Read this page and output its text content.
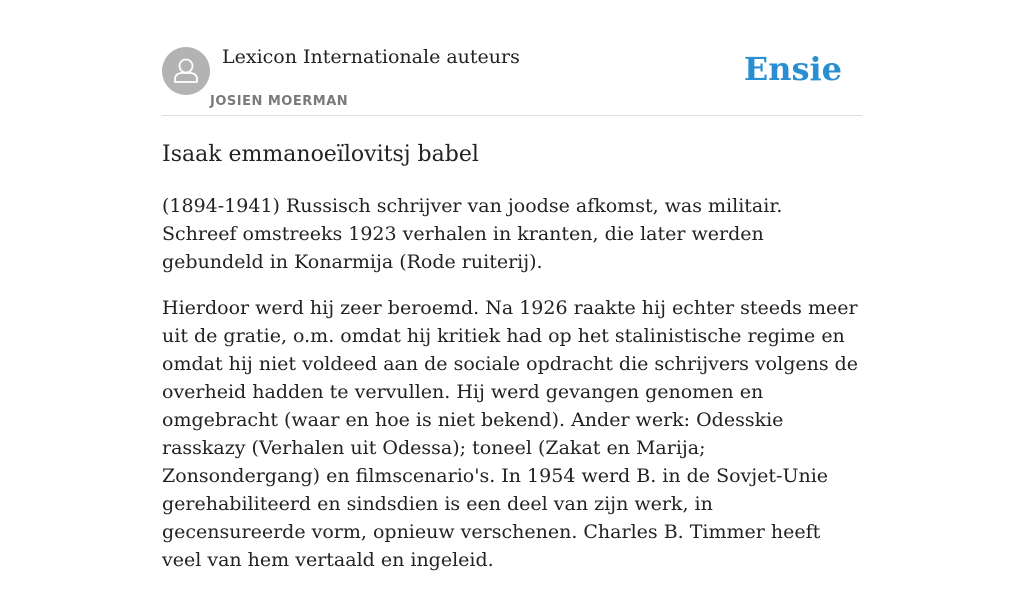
Lexicon Internationale auteurs
JOSIEN MOERMAN
Ensie
Isaak emmanoeïlovitsj babel

(1894-1941) Russisch schrijver van joodse afkomst, was militair. Schreef omstreeks 1923 verhalen in kranten, die later werden gebundeld in Konarmija (Rode ruiterij).

Hierdoor werd hij zeer beroemd. Na 1926 raakte hij echter steeds meer uit de gratie, o.m. omdat hij kritiek had op het stalinistische regime en omdat hij niet voldeed aan de sociale opdracht die schrijvers volgens de overheid hadden te vervullen. Hij werd gevangen genomen en omgebracht (waar en hoe is niet bekend). Ander werk: Odesskie rasskazy (Verhalen uit Odessa); toneel (Zakat en Marija; Zonsondergang) en filmscenario's. In 1954 werd B. in de Sovjet-Unie gerehabiliteerd en sindsdien is een deel van zijn werk, in gecensureerde vorm, opnieuw verschenen. Charles B. Timmer heeft veel van hem vertaald en ingeleid.
